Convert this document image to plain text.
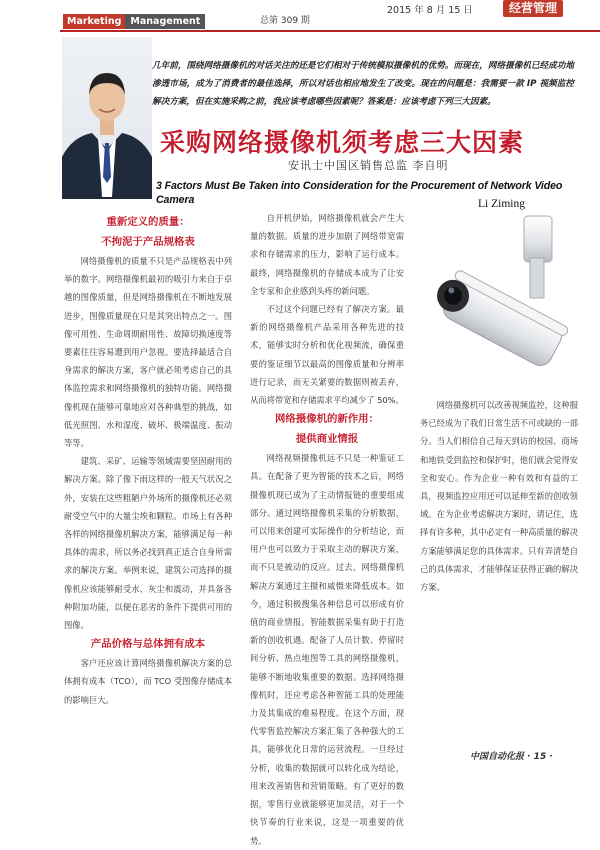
2015 年 8 月 15 日	经营管理
Marketing Management	总第 309 期
几年前，围绕网络摄像机的对话关注的还是它们相对于传统模拟摄像机的优势。而现在，网络摄像机已经成功地渗透市场，成为了消费者的最佳选择，所以对话也相应地发生了改变。现在的问题是：我需要一款 IP 视频监控解决方案，但在实施采购之前，我应该考虑哪些因素呢？答案是：应该考虑下列三大因素。
采购网络摄像机须考虑三大因素
安讯士中国区销售总监 李自明
3 Factors Must Be Taken into Consideration for the Procurement of Network Video Camera	Li Ziming
重新定义的质量：
不拘泥于产品规格表

网络摄像机的质量不只是产品规格表中列举的数字。网络摄像机最初的吸引力来自于卓越的图像质量，但是网络摄像机在不断地发展进步，图像质量现在只是其突出特点之一。图像可用性、生命周期耐用性、故障切换速度等要素往往容易遭到用户忽视。要选择最适合自身需求的解决方案，客户就必须考虑自己的具体监控需求和网络摄像机的独特功能。网络摄像机现在能够可靠地应对各种典型的挑战，如低光照图、水和湿度、破坏、极端温度、振动等等。

建筑、采矿、运输等领域需要坚固耐用的解决方案。除了像下雨这样的一般天气状况之外，安装在这些粗陋户外场所的摄像机还必须耐受空气中的大量尘埃和颗粒。市场上有各种各样的网络摄像机解决方案，能够满足每一种具体的需求，所以务必找到真正适合自身所需求的解决方案。举例来说，建筑公司选择的摄像机应该能够耐受水、灰尘和震动，并具备各种附加功能，以便在恶劣的条件下提供可用的图像。

产品价格与总体拥有成本

客户还应该计算网络摄像机解决方案的总体拥有成本（TCO），而 TCO 受图像存储成本的影响巨大。

自开机伊始，网络摄像机就会产生大量的数据。质量的进步加剧了网络带宽需求和存储需求的压力，影响了运行成本。最终，网络摄像机的存储成本成为了让安全专家和企业感到头疼的新问题。

不过这个问题已经有了解决方案。最新的网络摄像机产品采用各种先进的技术，能够实时分析和优化视频流，确保重要的鉴证细节以最高的图像质量和分辨率进行记录，而无关紧要的数据则被丢弃，从而将带宽和存储需求平均减少了 50%。

网络摄像机的新作用：
提供商业情报

网络视频摄像机远不只是一种鉴证工具。在配备了更为智能的技术之后，网络摄像机现已成为了主动情报链的重要组成部分。通过网络摄像机采集的分析数据，可以用来创建可实际操作的分析结论，而用户也可以致力于采取主动的解决方案，而不只是被动的反应。过去，网络摄像机解决方案通过主摄和威慑来降低成本。如今，通过积极搜集各种信息可以形成有价值的商业情报。智能数据采集有助于打造新的创收机遇。配备了人员计数、停留时间分析、热点地图等工具的网络摄像机，能够不断地收集重要的数据。选择网络摄像机时，还应考虑各种智能工具的处理能力及其集成的难易程度。在这个方面，现代零售监控解决方案汇集了各种强大的工具，能够优化日常的运营流程。一旦经过分析，收集的数据就可以转化成为结论，用来改善销售和营销策略。有了更好的数据，零售行业就能够更加灵活，对于一个快节奏的行业来说，这是一项重要的优势。

网络摄像机可以改善视频监控，这种服务已经成为了我们日常生活不可或缺的一部分。当人们相信自己每天到访的校园、商场和地铁受到监控和保护时，他们就会觉得安全和安心。作为企业一种有效和有益的工具，视频监控应用还可以延伸至新的创收领域。在为企业考虑解决方案时，请记住，选择有许多种，其中必定有一种高质量的解决方案能够满足您的具体需求。只有弄清楚自己的具体需求，才能够保证获得正确的解决方案。

中国自动化报 · 15 ·
